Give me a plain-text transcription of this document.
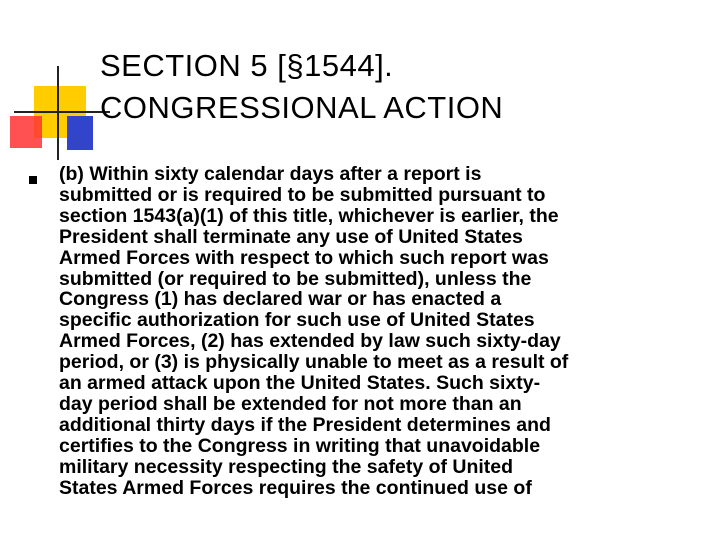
SECTION 5 [§1544].
CONGRESSIONAL ACTION
(b) Within sixty calendar days after a report is
submitted or is required to be submitted pursuant to
section 1543(a)(1) of this title, whichever is earlier, the
President shall terminate any use of United States
Armed Forces with respect to which such report was
submitted (or required to be submitted), unless the
Congress (1) has declared war or has enacted a
specific authorization for such use of United States
Armed Forces, (2) has extended by law such sixty-day
period, or (3) is physically unable to meet as a result of
an armed attack upon the United States. Such sixty-
day period shall be extended for not more than an
additional thirty days if the President determines and
certifies to the Congress in writing that unavoidable
military necessity respecting the safety of United
States Armed Forces requires the continued use of
